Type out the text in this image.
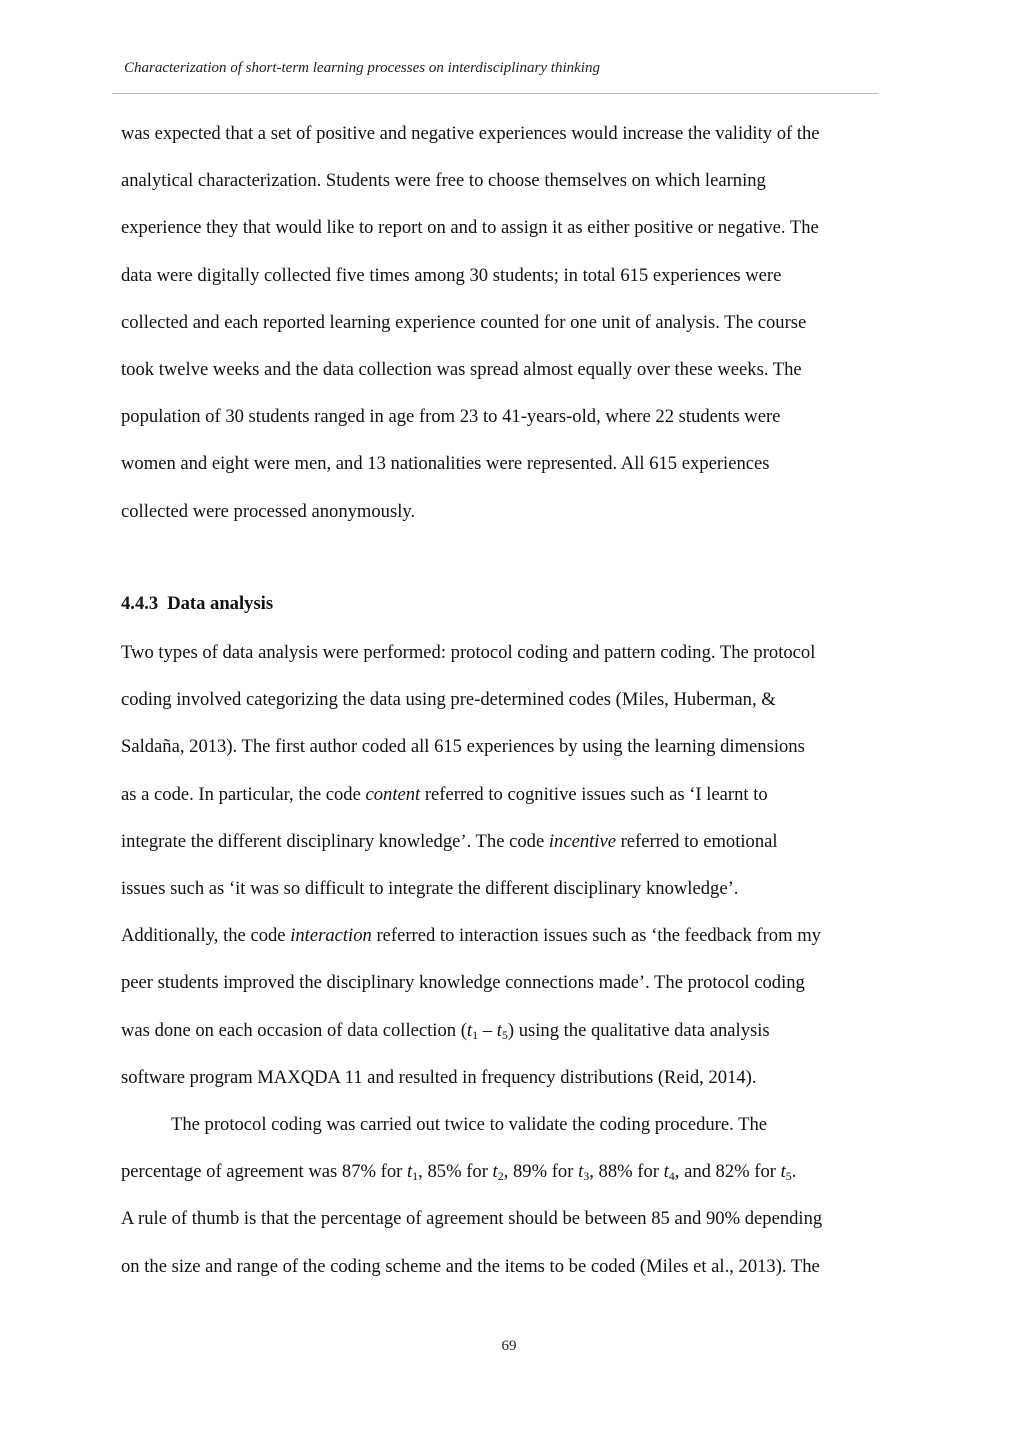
Characterization of short-term learning processes on interdisciplinary thinking
was expected that a set of positive and negative experiences would increase the validity of the
analytical characterization. Students were free to choose themselves on which learning
experience they that would like to report on and to assign it as either positive or negative. The
data were digitally collected five times among 30 students; in total 615 experiences were
collected and each reported learning experience counted for one unit of analysis. The course
took twelve weeks and the data collection was spread almost equally over these weeks. The
population of 30 students ranged in age from 23 to 41-years-old, where 22 students were
women and eight were men, and 13 nationalities were represented. All 615 experiences
collected were processed anonymously.
4.4.3 Data analysis
Two types of data analysis were performed: protocol coding and pattern coding. The protocol
coding involved categorizing the data using pre-determined codes (Miles, Huberman, &
Saldaña, 2013). The first author coded all 615 experiences by using the learning dimensions
as a code. In particular, the code content referred to cognitive issues such as ‘I learnt to
integrate the different disciplinary knowledge’. The code incentive referred to emotional
issues such as ‘it was so difficult to integrate the different disciplinary knowledge’.
Additionally, the code interaction referred to interaction issues such as ‘the feedback from my
peer students improved the disciplinary knowledge connections made’. The protocol coding
was done on each occasion of data collection $(t_1 - t_5)$ using the qualitative data analysis
software program MAXQDA 11 and resulted in frequency distributions (Reid, 2014).
The protocol coding was carried out twice to validate the coding procedure. The
percentage of agreement was 87% for $t_1$, 85% for $t_2$, 89% for $t_3$, 88% for $t_4$, and 82% for $t_5$.
A rule of thumb is that the percentage of agreement should be between 85 and 90% depending
on the size and range of the coding scheme and the items to be coded (Miles et al., 2013). The
69
